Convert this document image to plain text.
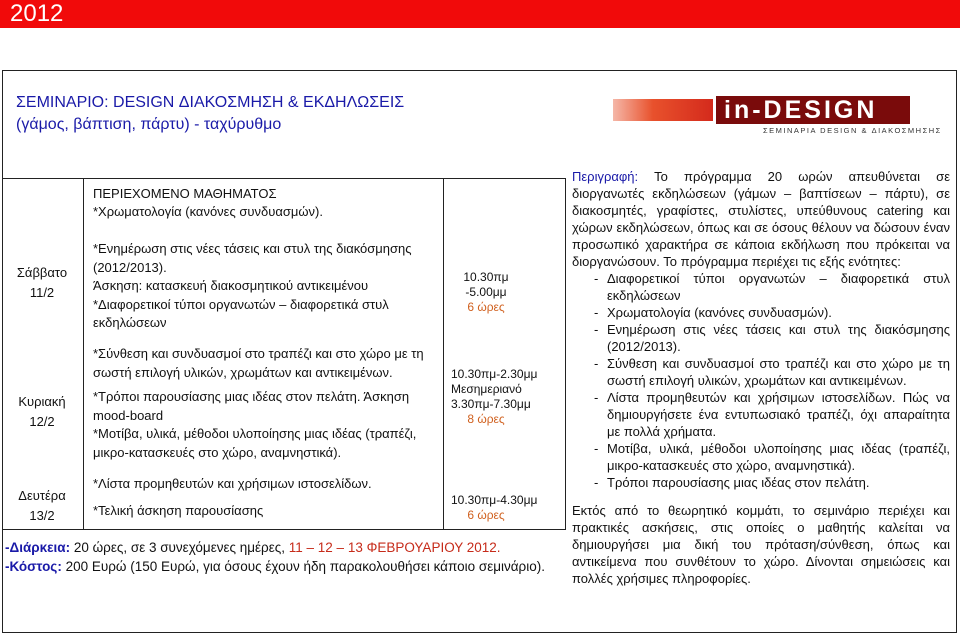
2012
ΣΕΜΙΝΑΡΙΟ: DESIGN ΔΙΑΚΟΣΜΗΣΗ & ΕΚΔΗΛΩΣΕΙΣ
(γάμος, βάπτιση, πάρτυ) - ταχύρυθμο
in-DESIGN
ΣΕΜΙΝΑΡΙΑ DESIGN & ΔΙΑΚΟΣΜΗΣΗΣ
ΠΕΡΙΕΧΟΜΕΝΟ ΜΑΘΗΜΑΤΟΣ
Σάββατο
11/2
*Χρωματολογία (κανόνες συνδυασμών).
*Ενημέρωση στις νέες τάσεις και στυλ της διακόσμησης
(2012/2013).
Άσκηση: κατασκευή διακοσμητικού αντικειμένου
*Διαφορετικοί τύποι οργανωτών – διαφορετικά στυλ
εκδηλώσεων
10.30πμ -5.00μμ
6 ώρες
Κυριακή
12/2
*Σύνθεση και συνδυασμοί στο τραπέζι και στο χώρο με τη
σωστή επιλογή υλικών, χρωμάτων και αντικειμένων.
*Τρόποι παρουσίασης μιας ιδέας στον πελάτη. Άσκηση
mood-board
*Μοτίβα, υλικά, μέθοδοι υλοποίησης μιας ιδέας (τραπέζι,
μικρο-κατασκευές στο χώρο, αναμνηστικά).
10.30πμ-2.30μμ
Μεσημεριανό
3.30πμ-7.30μμ
8 ώρες
Δευτέρα
13/2
*Λίστα προμηθευτών και χρήσιμων ιστοσελίδων.
*Τελική άσκηση παρουσίασης
10.30πμ-4.30μμ
6 ώρες
-Διάρκεια: 20 ώρες, σε 3 συνεχόμενες ημέρες, 11 – 12 – 13 ΦΕΒΡΟΥΑΡΙΟΥ 2012.
-Κόστος: 200 Ευρώ (150 Ευρώ, για όσους έχουν ήδη παρακολουθήσει κάποιο σεμινάριο).
Περιγραφή: Το πρόγραμμα 20 ωρών απευθύνεται σε διοργανωτές εκδηλώσεων (γάμων – βαπτίσεων – πάρτυ), σε διακοσμητές, γραφίστες, στυλίστες, υπεύθυνους catering και χώρων εκδηλώσεων, όπως και σε όσους θέλουν να δώσουν έναν προσωπικό χαρακτήρα σε κάποια εκδήλωση που πρόκειται να διοργανώσουν. Το πρόγραμμα περιέχει τις εξής ενότητες:
- Διαφορετικοί τύποι οργανωτών – διαφορετικά στυλ εκδηλώσεων
- Χρωματολογία (κανόνες συνδυασμών).
- Ενημέρωση στις νέες τάσεις και στυλ της διακόσμησης (2012/2013).
- Σύνθεση και συνδυασμοί στο τραπέζι και στο χώρο με τη σωστή επιλογή υλικών, χρωμάτων και αντικειμένων.
- Λίστα προμηθευτών και χρήσιμων ιστοσελίδων. Πώς να δημιουργήσετε ένα εντυπωσιακό τραπέζι, όχι απαραίτητα με πολλά χρήματα.
- Μοτίβα, υλικά, μέθοδοι υλοποίησης μιας ιδέας (τραπέζι, μικρο-κατασκευές στο χώρο, αναμνηστικά).
- Τρόποι παρουσίασης μιας ιδέας στον πελάτη.
Εκτός από το θεωρητικό κομμάτι, το σεμινάριο περιέχει και πρακτικές ασκήσεις, στις οποίες ο μαθητής καλείται να δημιουργήσει μια δική του πρόταση/σύνθεση, όπως και αντικείμενα που συνθέτουν το χώρο. Δίνονται σημειώσεις και πολλές χρήσιμες πληροφορίες.
